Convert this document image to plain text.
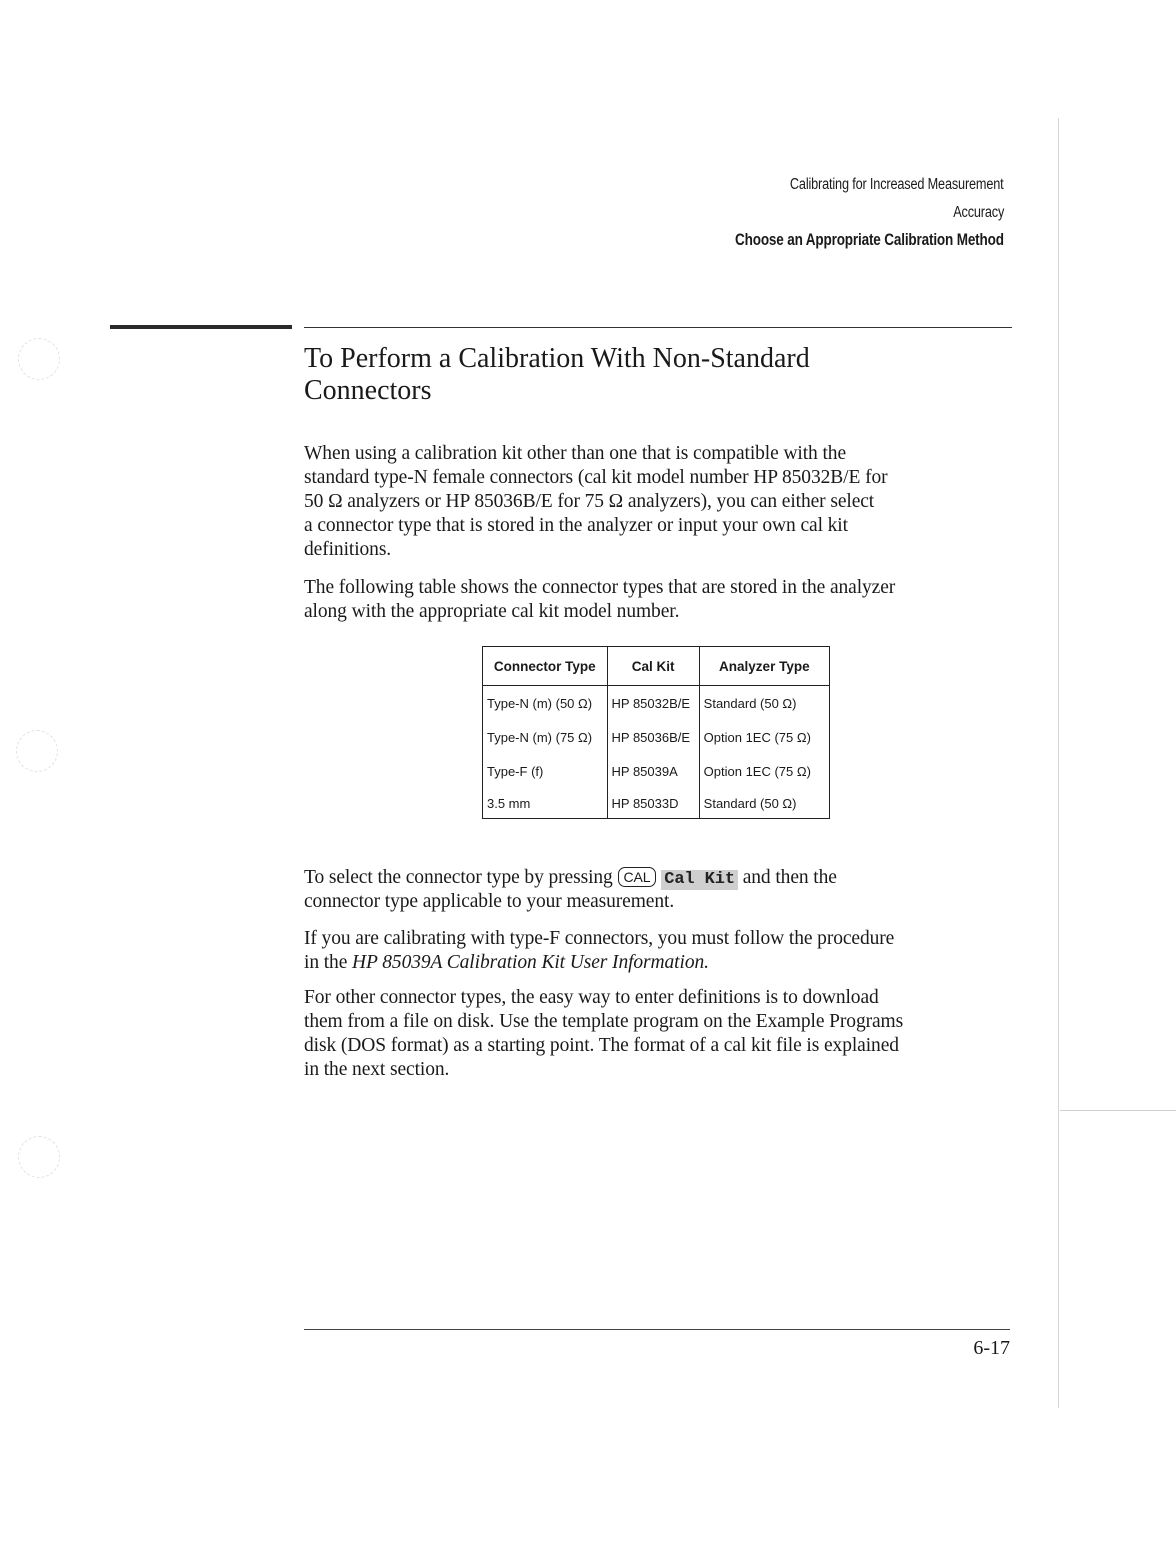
Calibrating for Increased Measurement
Accuracy
Choose an Appropriate Calibration Method
To Perform a Calibration With Non-Standard
Connectors
When using a calibration kit other than one that is compatible with the
standard type-N female connectors (cal kit model number HP 85032B/E for
50 Ω analyzers or HP 85036B/E for 75 Ω analyzers), you can either select
a connector type that is stored in the analyzer or input your own cal kit
definitions.
The following table shows the connector types that are stored in the analyzer
along with the appropriate cal kit model number.
Connector Type	Cal Kit	Analyzer Type
Type-N (m) (50 Ω)	HP 85032B/E	Standard (50 Ω)
Type-N (m) (75 Ω)	HP 85036B/E	Option 1EC (75 Ω)
Type-F (f)	HP 85039A	Option 1EC (75 Ω)
3.5 mm	HP 85033D	Standard (50 Ω)
To select the connector type by pressing CAL Cal Kit and then the
connector type applicable to your measurement.
If you are calibrating with type-F connectors, you must follow the procedure
in the HP 85039A Calibration Kit User Information.
For other connector types, the easy way to enter definitions is to download
them from a file on disk. Use the template program on the Example Programs
disk (DOS format) as a starting point. The format of a cal kit file is explained
in the next section.
6-17
